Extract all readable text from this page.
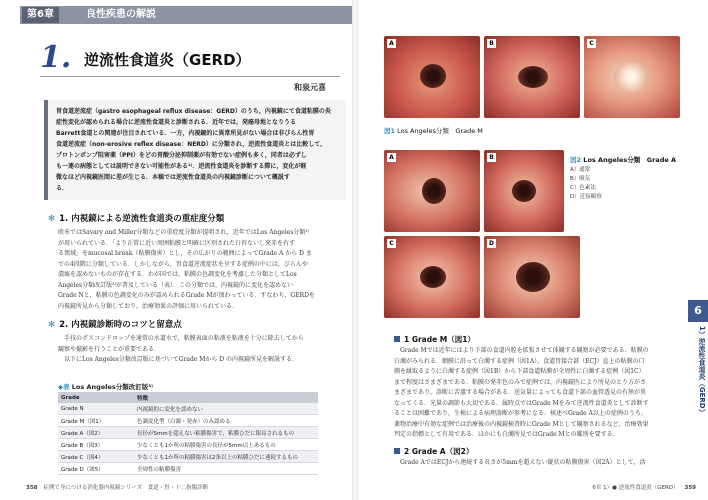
第6章	良性疾患の解説
1. 逆流性食道炎（GERD）
和泉元喜
胃食道逆流症（gastro esophageal reflux disease：GERD）のうち，内視鏡にて食道粘膜の炎
症性変化が認められる場合に逆流性食道炎と診断される．近年では，発癌母地となりうる
Barrett食道との関連が注目されている．一方，内視鏡的に異常所見がない場合は非びらん性胃
食道逆流症（non-erosive reflex disease：NERD）に分類され，逆流性食道炎とは比較して，
プロトンポンプ阻害薬（PPI）をどの胃酸分泌抑制薬が有効でない症例も多く，同者は必ずし
も一連の病態としては説明できない可能性がある¹⁾．逆流性食道炎を診断する際に，変化が軽
微なほど内視鏡医間に差が生じる．本稿では逆流性食道炎の内視鏡診断について概説す
る．
✻ 1. 内視鏡による逆流性食道炎の重症度分類
欧米ではSavary and Miller分類などの重症度分類が提唱され，近年ではLos Angeles分類¹⁾
が用いられている．「より正常に近い周囲粘膜と明確に区別された白苔ないし発赤を有す
る領域」をmucosal break（粘膜傷害）とし，その広がりの範囲によってGrade A から D ま
での4段階に分類している．しかしながら，胃食道逆流症状を呈する症例の中には，びらんや
潰瘍を認めないものが存在する．わが国では，粘膜の色調変化を考慮した分類としてLos
Angeles分類改訂版³⁾が普及している（表）．この分類では，内視鏡的に変化を認めない
Grade Nと，粘膜の色調変化のみが認められるGrade Mが加わっている．すなわち，GERDを
内視鏡所見から分類しており，治療効果の評価に用いられている．
✻ 2. 内視鏡診断時のコツと留意点
　手技のポスコンドロップを通常の水道水で，粘膜表面の粘液を粘液を十分に除去してから
観察や撮影を行うことが重要である．
　以下にLos Angeles分類改訂版に基づいてGrade Mから D の内視鏡所見を解説する．
◆表 Los Angeles分類改訂版³⁾
Grade	特徴
Grade N	内視鏡的に変化を認めない
Grade M（図1）	色調変化型（白濁・発赤）のみ認める
Grade A（図2）	長径が5mmを超えない粘膜傷害で，粘膜ひだに限局されるもの
Grade B（図3）	少なくとも1か所の粘膜傷害の長径が5mm以上あるもの
Grade C（図4）	少なくとも1か所の粘膜傷害は2条以上の粘膜ひだに連続するもの
Grade D（図5）	全周性の粘膜傷害
358 症例で身につける消化器内視鏡シリーズ　食道・胃・十二指腸診断
A	B	C
図1 Los Angeles分類　Grade M
A	B	図2 Los Angeles分類　Grade A
A）通常
B）吸気
C）色素法
D）近接観察
C	D
1 Grade M（図1）
　Grade Mでは近年にはより下部の食道内腔を拡張させて体観する観察が必要である．粘膜の
白濁がみられる．網膜に沿って白濁する症例（図1A），食道胃接合部（ECJ）直上の粘膜の口
側を縁取るように白濁する症例（図1B）から下部食道粘膜が全周性に白濁する症例（図1C）
まで程度はさまざまである．粘膜の発赤色のみで症例では，内視鏡医により所見のとり方がさ
まざまであり，診断に苦慮する場合がある．送気量によっても食道下部の血管透見の有無が異
なってくる．光量の調節も大切である．属時点ではGrade Mをみて逆流性食道炎として診断す
ることは困難であり，生検による病理診断が参考になる．核述べGrade A以上の症例のうち，
薬物治療中有効な症例では治療後の内視鏡検査時にGrade Mとして観察されるなど，治療効果
判定の指標として有用である．ほかにも白濁所見ではGrade Mとの鑑別を要する．
2 Grade A（図2）
　Grade AではECJから連続する長さが5mmを超えない縦状の粘膜傷害（図2A）として，活
6
1）逆流性食道炎（GERD）
6章 1）● 逆流性食道炎（GERD） 359
